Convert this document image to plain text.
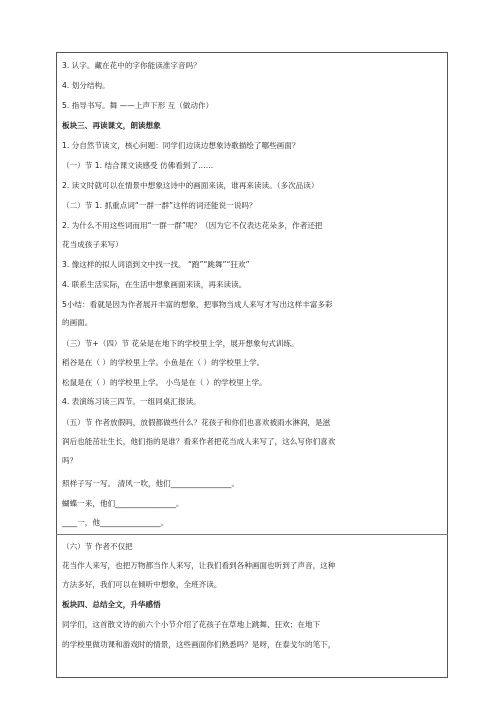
3. 认字。藏在花中的字你能读准字音吗？
4. 划分结构。
5. 指导书写。舞 ——上声下形 互（做动作）
板块三、再读课文，朗读想象
1. 分自然节读文，核心问题：同学们边读边想象诗歌描绘了哪些画面？
（一）节 1. 结合课文读感受 仿佛看到了……
2. 读文时就可以在情景中想象这诗中的画面来读，谁再来读读。（多次品读）
（二）节 1. 抓重点词“一群一群”这样的词还能说一说吗？
2. 为什么不用这些词而用“一群一群”呢？（因为它不仅表达花朵多，作者还把
花当成孩子来写）
3. 像这样的拟人词语到文中找一找。 “跑”“跳舞”“狂欢”
4. 联系生活实际，在生活中想象画面来读，再来读读。
5小结：看就是因为作者展开丰富的想象，把事物当成人来写才写出这样丰富多彩
的画面。
（三）节+（四）节 花朵是在地下的学校里上学，展开想象句式训练。
稻谷是在（ ）的学校里上学。小鱼是在（ ）的学校里上学。
松鼠是在（ ）的学校里上学。 小鸟是在（ ）的学校里上学。
4. 表演练习读三四节。一组同桌汇报读。
（五）节 作者放假吗，放假都做些什么？花孩子和你们也喜欢被雨水淋润，是滋
润后也能茁壮生长，他们指的是谁？看来作者把花当成人来写了，这么写你们喜欢
吗？
照样子写一写。 清风一吹，他们________________。
蝴蝶一来，他们________________。
____一，他________________。
（六）节 作者不仅把
花当作人来写，也把万物都当作人来写，让我们看到各种画面也听到了声音，这种
方法多好，我们可以在倾听中想象，全班齐读。
板块四、总结全文，升华感悟
同学们，这首散文诗的前六个小节介绍了花孩子在草地上跳舞、狂欢；在地下
的学校里做功课和游戏时的情景，这些画面你们熟悉吗？是呀，在泰戈尔的笔下，
